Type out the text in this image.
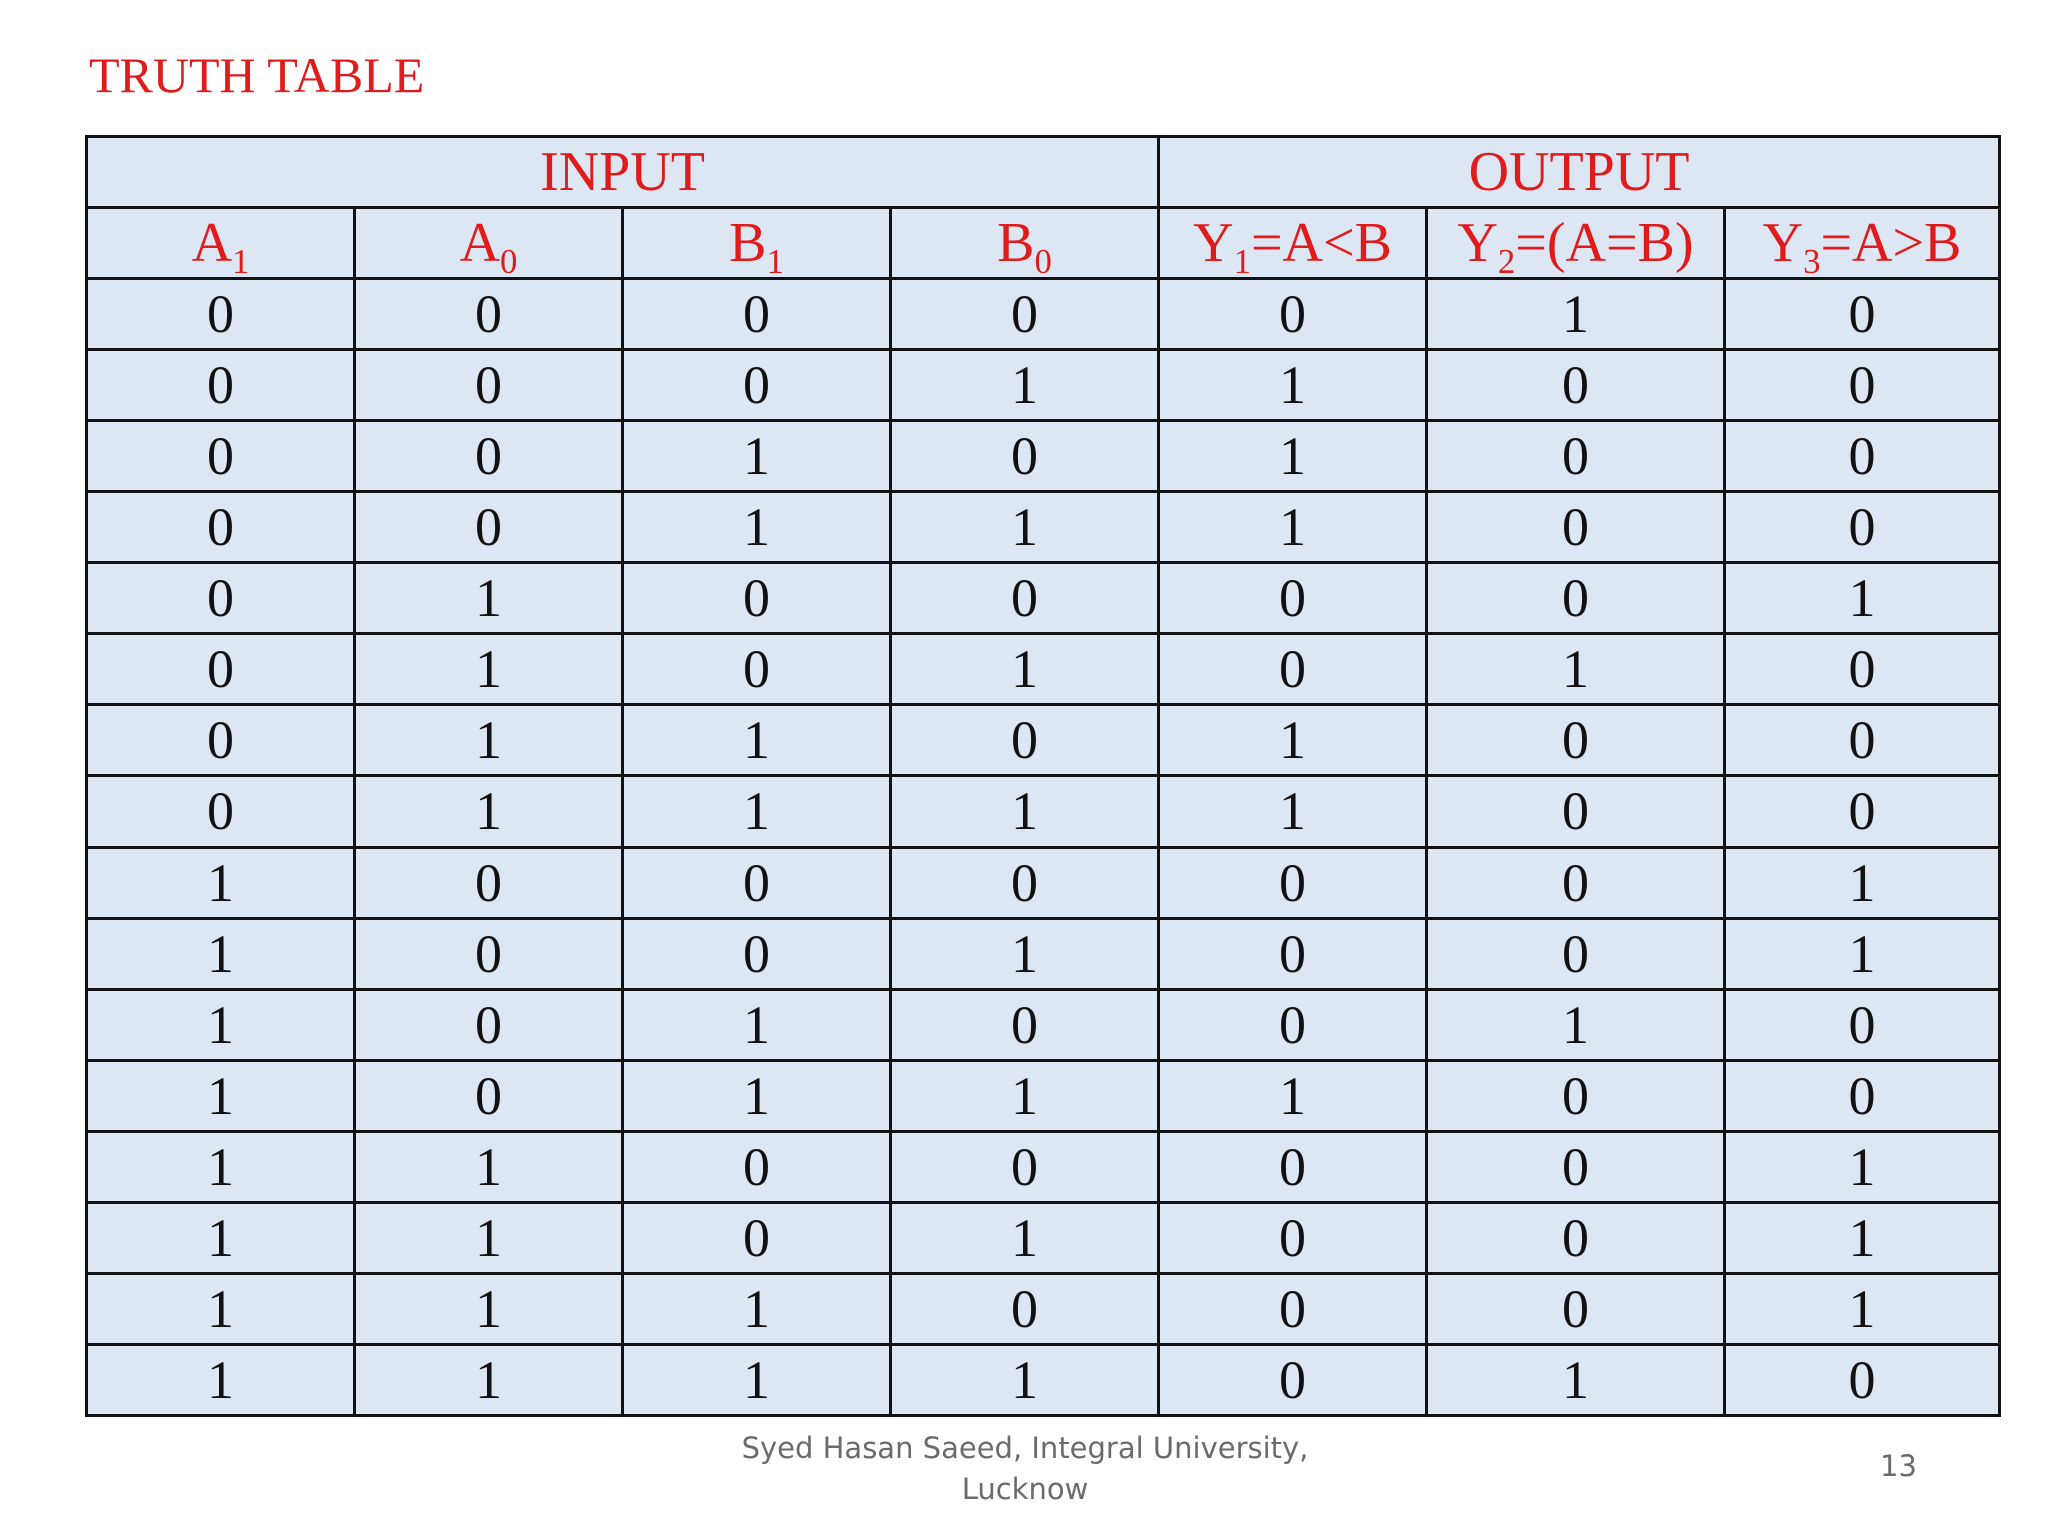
TRUTH TABLE
INPUT				OUTPUT		
$A_1$	$A_0$	$B_1$	$B_0$	$Y_1=A<B$	$Y_2=(A=B)$	$Y_3=A>B$
0	0	0	0	0	1	0
0	0	0	1	1	0	0
0	0	1	0	1	0	0
0	0	1	1	1	0	0
0	1	0	0	0	0	1
0	1	0	1	0	1	0
0	1	1	0	1	0	0
0	1	1	1	1	0	0
1	0	0	0	0	0	1
1	0	0	1	0	0	1
1	0	1	0	0	1	0
1	0	1	1	1	0	0
1	1	0	0	0	0	1
1	1	0	1	0	0	1
1	1	1	0	0	0	1
1	1	1	1	0	1	0
Syed Hasan Saeed, Integral University,
Lucknow
13
